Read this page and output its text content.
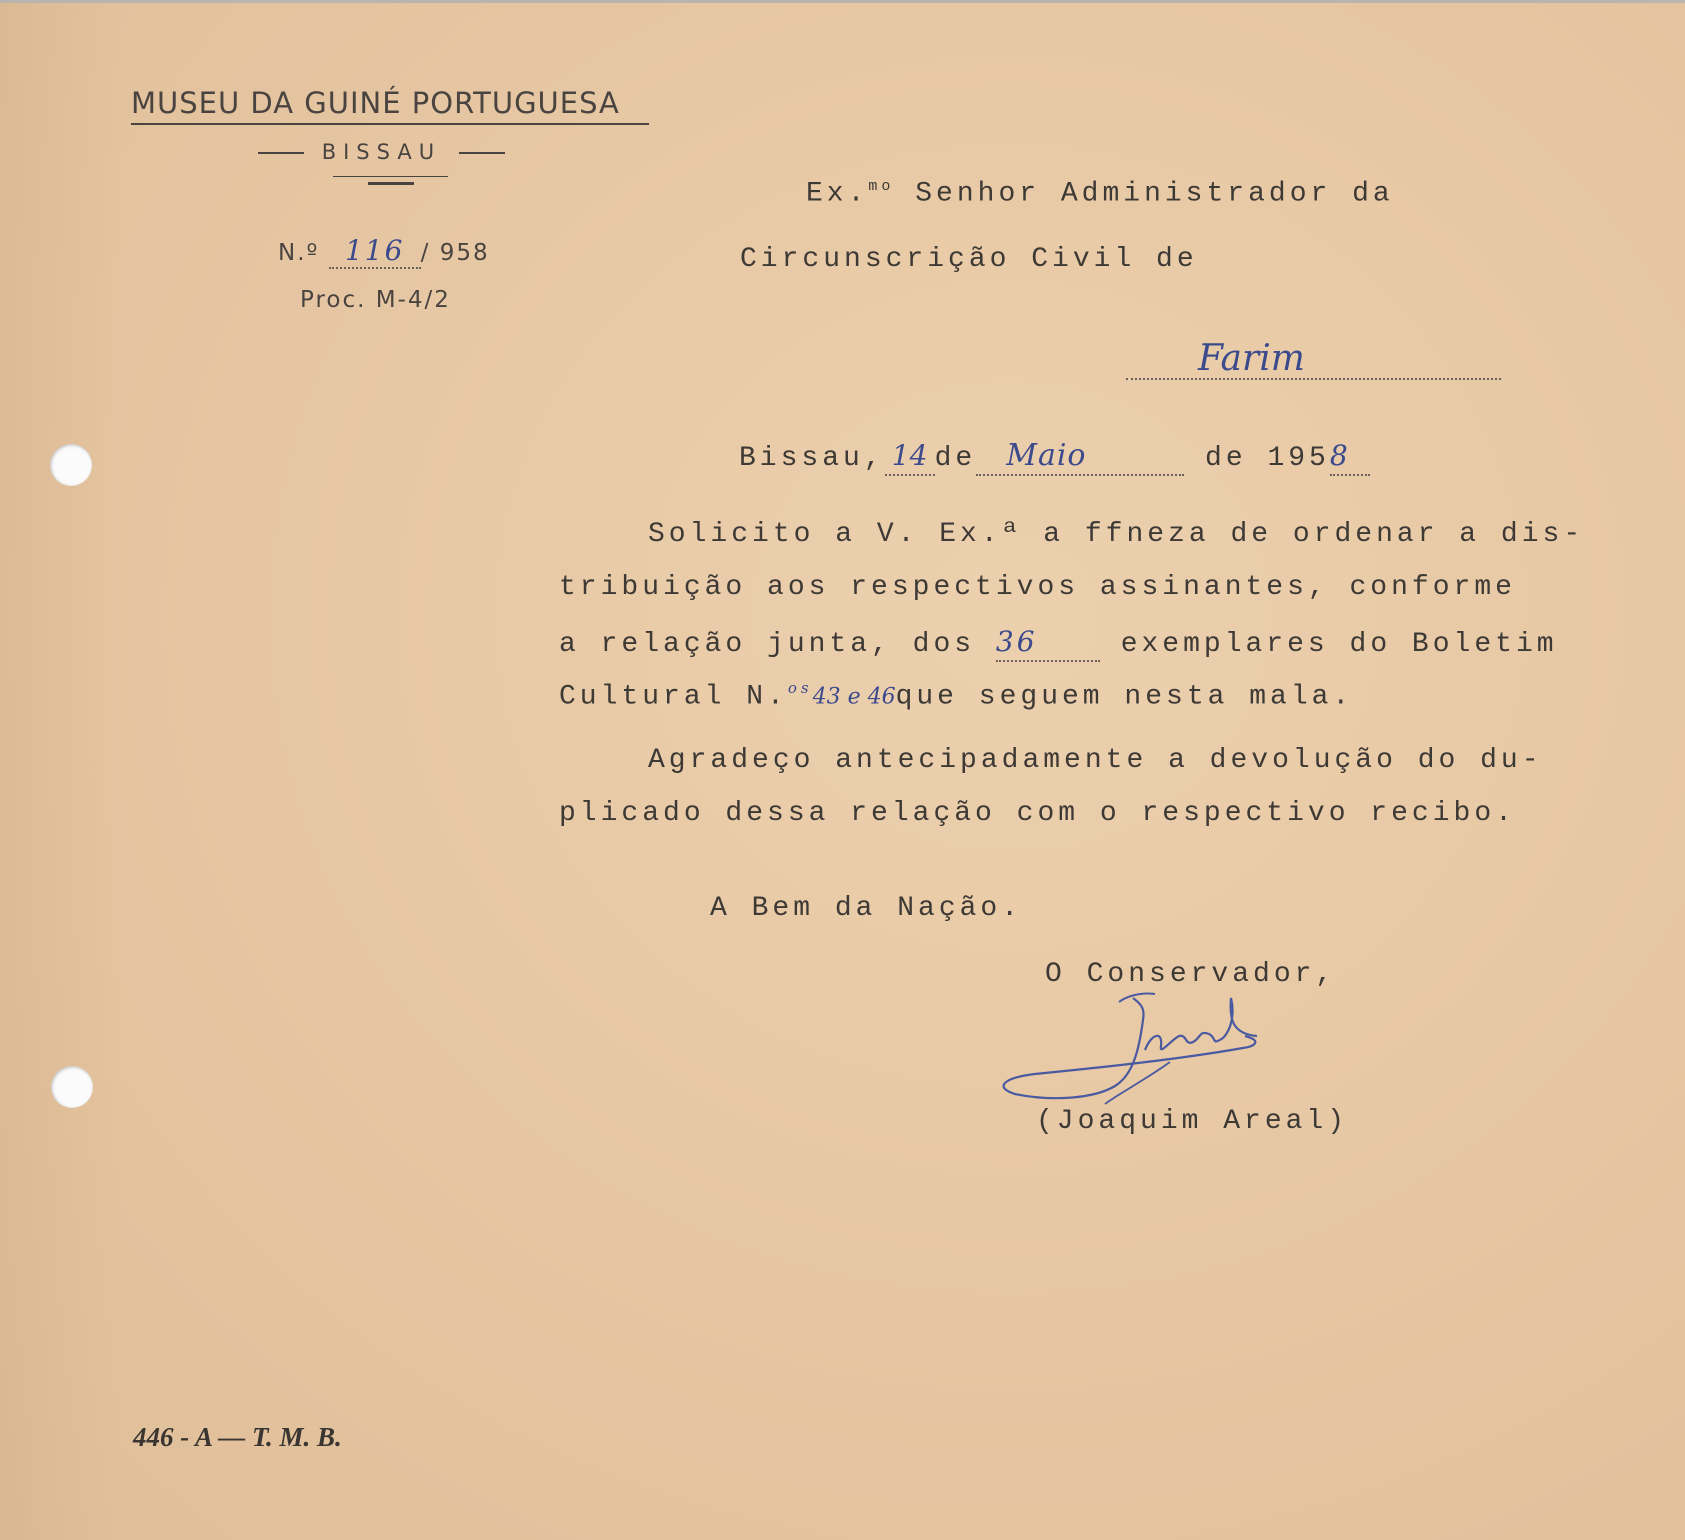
MUSEU DA GUINÉ PORTUGUESA
BISSAU
N.º 116 / 958
Proc. M-4/2
Ex.$^{mo}$ Senhor Administrador da
Circunscrição Civil de
Farim
Bissau, 14 de Maio	de 1958
Solicito a V. Ex.ª a ffneza de ordenar a dis-
tribuição aos respectivos assinantes, conforme
a relação junta, dos 36	exemplares do Boletim
Cultural N.$^{os}$43 e 46que seguem nesta mala.
Agradeço antecipadamente a devolução do du-
plicado dessa relação com o respectivo recibo.
A Bem da Nação.
O Conservador,
(Joaquim Areal)
446 - A — T. M. B.
